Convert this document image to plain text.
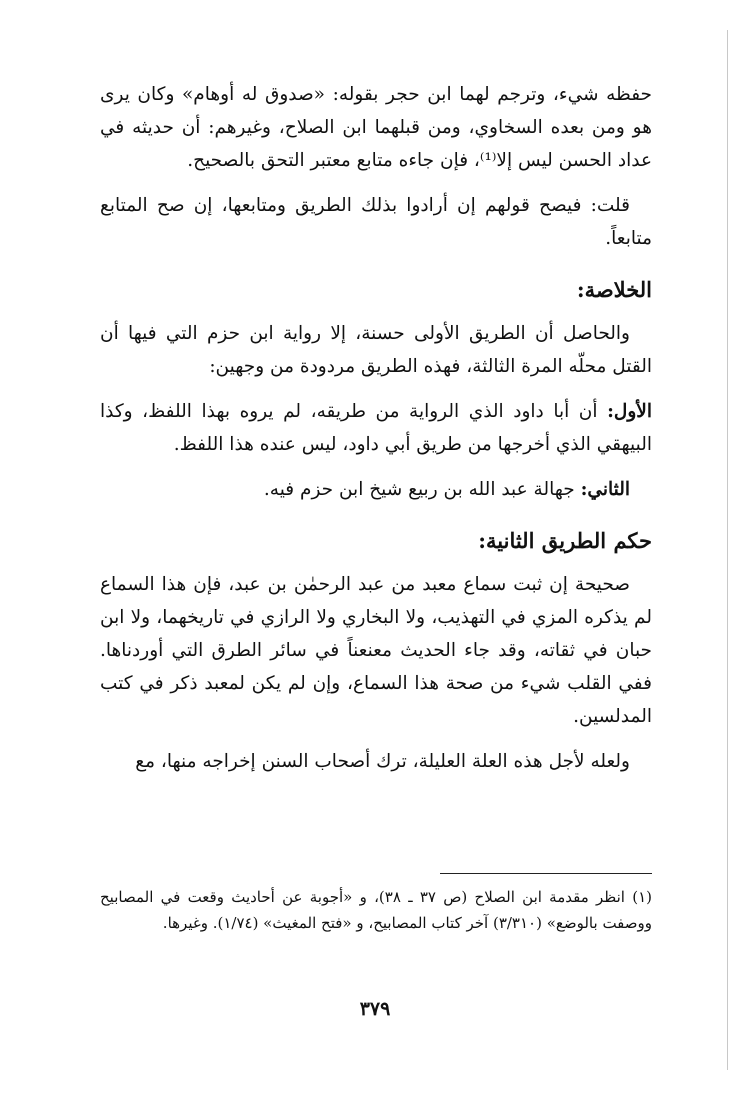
حفظه شيء، وترجم لهما ابن حجر بقوله: «صدوق له أوهام» وكان يرى هو ومن بعده السخاوي، ومن قبلهما ابن الصلاح، وغيرهم: أن حديثه في عداد الحسن ليس إلا⁽¹⁾، فإن جاءه متابع معتبر التحق بالصحيح.

قلت: فيصح قولهم إن أرادوا بذلك الطريق ومتابعها، إن صح المتابع متابعاً.

الخلاصة:

والحاصل أن الطريق الأولى حسنة، إلا رواية ابن حزم التي فيها أن القتل محلّه المرة الثالثة، فهذه الطريق مردودة من وجهين:

الأول: أن أبا داود الذي الرواية من طريقه، لم يروه بهذا اللفظ، وكذا البيهقي الذي أخرجها من طريق أبي داود، ليس عنده هذا اللفظ.

الثاني: جهالة عبد الله بن ربيع شيخ ابن حزم فيه.

حكم الطريق الثانية:

صحيحة إن ثبت سماع معبد من عبد الرحمٰن بن عبد، فإن هذا السماع لم يذكره المزي في التهذيب، ولا البخاري ولا الرازي في تاريخهما، ولا ابن حبان في ثقاته، وقد جاء الحديث معنعناً في سائر الطرق التي أوردناها. ففي القلب شيء من صحة هذا السماع، وإن لم يكن لمعبد ذكر في كتب المدلسين.

ولعله لأجل هذه العلة العليلة، ترك أصحاب السنن إخراجه منها، مع

(١) انظر مقدمة ابن الصلاح (ص ٣٧ ـ ٣٨)، و «أجوبة عن أحاديث وقعت في المصابيح ووصفت بالوضع» (٣/٣١٠) آخر كتاب المصابيح، و «فتح المغيث» (١/٧٤). وغيرها.
٣٧٩
